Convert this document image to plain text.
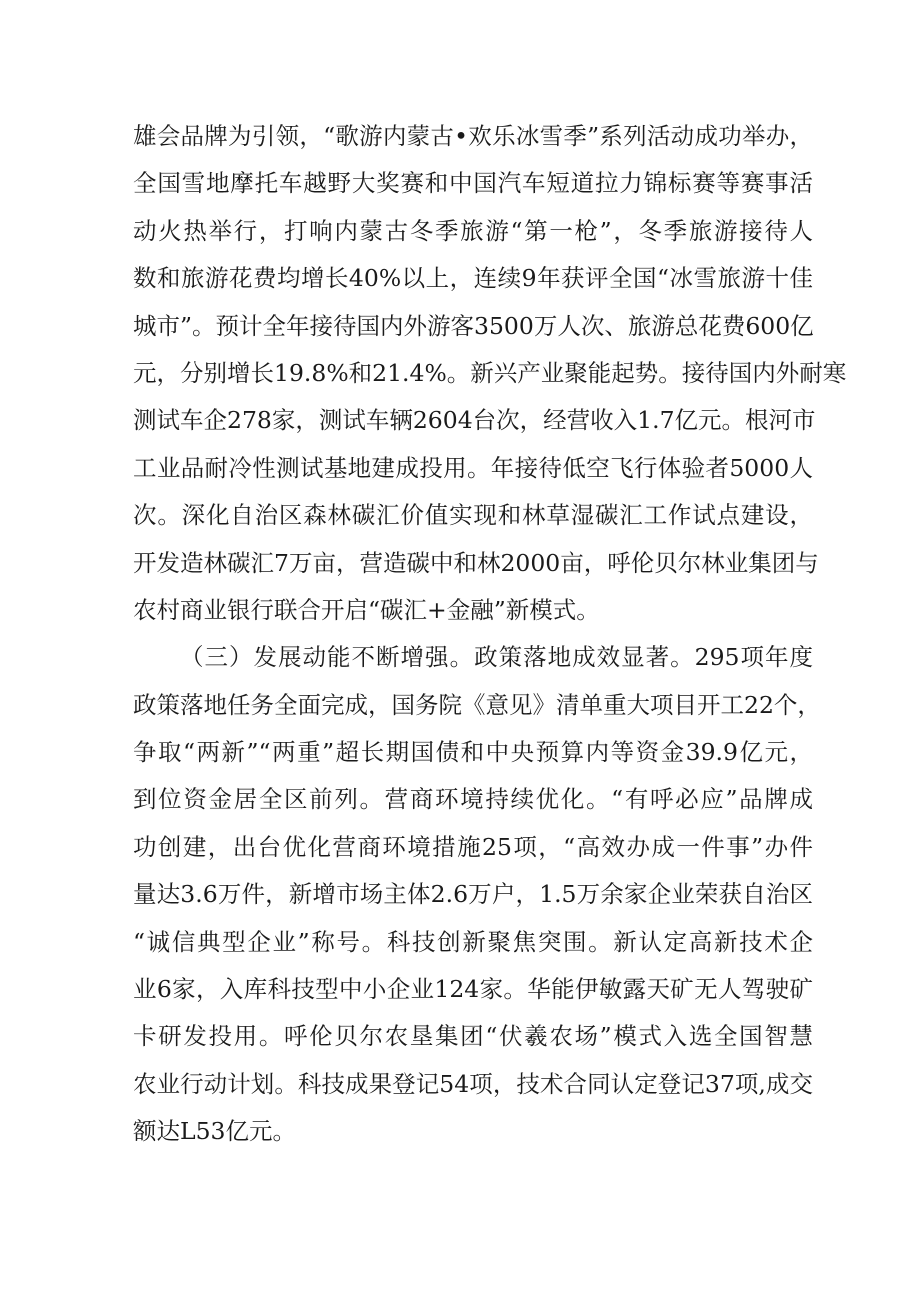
雄会品牌为引领，“歌游内蒙古•欢乐冰雪季”系列活动成功举办，
全国雪地摩托车越野大奖赛和中国汽车短道拉力锦标赛等赛事活
动火热举行，打响内蒙古冬季旅游“第一枪”，冬季旅游接待人
数和旅游花费均增长40%以上，连续9年获评全国“冰雪旅游十佳
城市”。预计全年接待国内外游客3500万人次、旅游总花费600亿
元，分别增长19.8%和21.4%。新兴产业聚能起势。接待国内外耐寒
测试车企278家，测试车辆2604台次，经营收入1.7亿元。根河市
工业品耐冷性测试基地建成投用。年接待低空飞行体验者5000人
次。深化自治区森林碳汇价值实现和林草湿碳汇工作试点建设，
开发造林碳汇7万亩，营造碳中和林2000亩，呼伦贝尔林业集团与
农村商业银行联合开启“碳汇+金融”新模式。
（三）发展动能不断增强。政策落地成效显著。295项年度
政策落地任务全面完成，国务院《意见》清单重大项目开工22个，
争取“两新”“两重”超长期国债和中央预算内等资金39.9亿元，
到位资金居全区前列。营商环境持续优化。“有呼必应”品牌成
功创建，出台优化营商环境措施25项，“高效办成一件事”办件
量达3.6万件，新增市场主体2.6万户，1.5万余家企业荣获自治区
“诚信典型企业”称号。科技创新聚焦突围。新认定高新技术企
业6家，入库科技型中小企业124家。华能伊敏露天矿无人驾驶矿
卡研发投用。呼伦贝尔农垦集团“伏羲农场”模式入选全国智慧
农业行动计划。科技成果登记54项，技术合同认定登记37项,成交
额达L53亿元。
